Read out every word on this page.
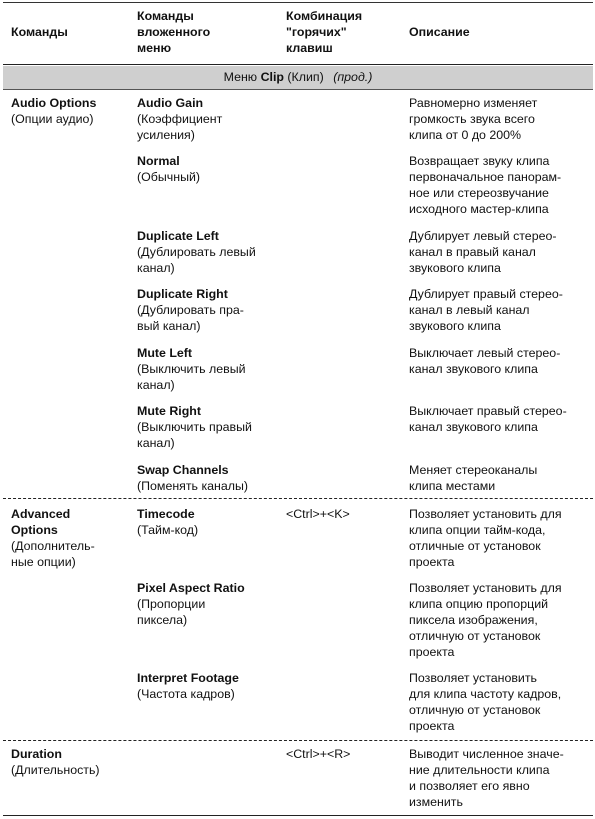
Команды
Команды
вложенного
меню
Комбинация
"горячих"
клавиш
Описание
Меню Clip (Клип) (прод.)
Audio Options
(Опции аудио)
Audio Gain
(Коэффициент
усиления)
Равномерно изменяет
громкость звука всего
клипа от 0 до 200%
Normal
(Обычный)
Возвращает звуку клипа
первоначальное панорам-
ное или стереозвучание
исходного мастер-клипа
Duplicate Left
(Дублировать левый
канал)
Дублирует левый стерео-
канал в правый канал
звукового клипа
Duplicate Right
(Дублировать пра-
вый канал)
Дублирует правый стерео-
канал в левый канал
звукового клипа
Mute Left
(Выключить левый
канал)
Выключает левый стерео-
канал звукового клипа
Mute Right
(Выключить правый
канал)
Выключает правый стерео-
канал звукового клипа
Swap Channels
(Поменять каналы)
Меняет стереоканалы
клипа местами
Advanced
Options
(Дополнитель-
ные опции)
Timecode
(Тайм-код)
<Ctrl>+<K>	Позволяет установить для
клипа опции тайм-кода,
отличные от установок
проекта
Pixel Aspect Ratio
(Пропорции
пиксела)
Позволяет установить для
клипа опцию пропорций
пиксела изображения,
отличную от установок
проекта
Interpret Footage
(Частота кадров)
Позволяет установить
для клипа частоту кадров,
отличную от установок
проекта
Duration
(Длительность)
<Ctrl>+<R>	Выводит численное значе-
ние длительности клипа
и позволяет его явно
изменить
